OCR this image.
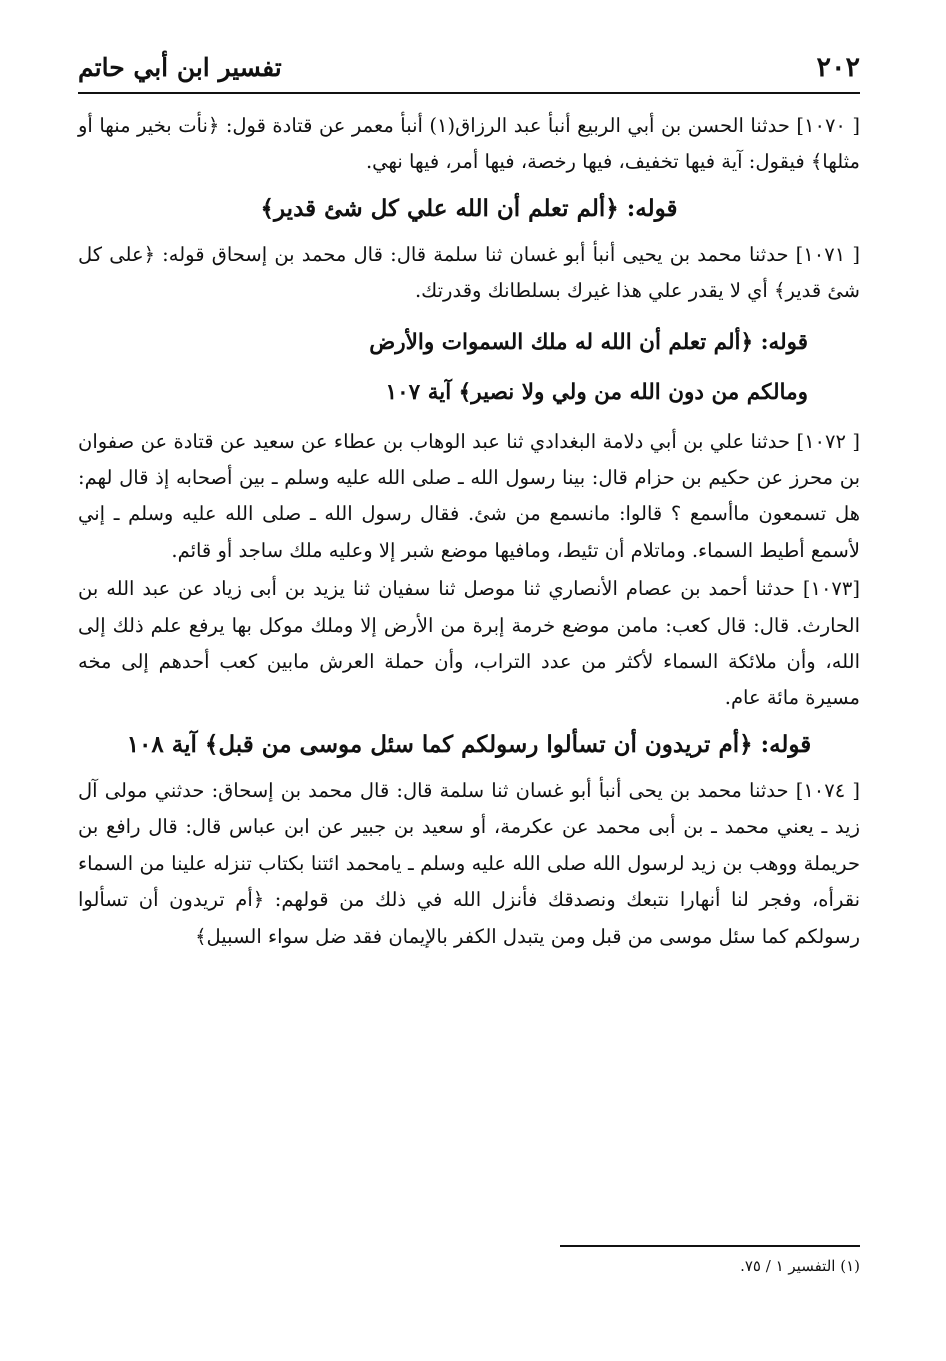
٢٠٢
تفسير ابن أبي حاتم

[ ١٠٧٠] حدثنا الحسن بن أبي الربيع أنبأ عبد الرزاق(١) أنبأ معمر عن قتادة قول: ﴿نأت بخير منها أو مثلها﴾ فيقول: آية فيها تخفيف، فيها رخصة، فيها أمر، فيها نهي.

قوله: ﴿ألم تعلم أن الله علي كل شئ قدير﴾

[ ١٠٧١] حدثنا محمد بن يحيى أنبأ أبو غسان ثنا سلمة قال: قال محمد بن إسحاق قوله: ﴿على كل شئ قدير﴾ أي لا يقدر علي هذا غيرك بسلطانك وقدرتك.

قوله: ﴿ألم تعلم أن الله له ملك السموات والأرض
ومالكم من دون الله من ولي ولا نصير﴾ آية ١٠٧

[ ١٠٧٢] حدثنا علي بن أبي دلامة البغدادي ثنا عبد الوهاب بن عطاء عن سعيد عن قتادة عن صفوان بن محرز عن حكيم بن حزام قال: بينا رسول الله ـ صلى الله عليه وسلم ـ بين أصحابه إذ قال لهم: هل تسمعون ماأسمع ؟ قالوا: مانسمع من شئ. فقال رسول الله ـ صلى الله عليه وسلم ـ إني لأسمع أطيط السماء. وماتلام أن تئيط، ومافيها موضع شبر إلا وعليه ملك ساجد أو قائم.

[١٠٧٣] حدثنا أحمد بن عصام الأنصاري ثنا موصل ثنا سفيان ثنا يزيد بن أبى زياد عن عبد الله بن الحارث. قال: قال كعب: مامن موضع خرمة إبرة من الأرض إلا وملك موكل بها يرفع علم ذلك إلى الله، وأن ملائكة السماء لأكثر من عدد التراب، وأن حملة العرش مابين كعب أحدهم إلى مخه مسيرة مائة عام.

قوله: ﴿أم تريدون أن تسألوا رسولكم كما سئل موسى من قبل﴾ آية ١٠٨

[ ١٠٧٤] حدثنا محمد بن يحى أنبأ أبو غسان ثنا سلمة قال: قال محمد بن إسحاق: حدثني مولى آل زيد ـ يعني محمد ـ بن أبى محمد عن عكرمة، أو سعيد بن جبير عن ابن عباس قال: قال رافع بن حريملة ووهب بن زيد لرسول الله صلى الله عليه وسلم ـ يامحمد ائتنا بكتاب تنزله علينا من السماء نقرأه، وفجر لنا أنهارا نتبعك ونصدقك فأنزل الله في ذلك من قولهم: ﴿أم تريدون أن تسألوا رسولكم كما سئل موسى من قبل ومن يتبدل الكفر بالإيمان فقد ضل سواء السبيل﴾

(١) التفسير ١ / ٧٥.
